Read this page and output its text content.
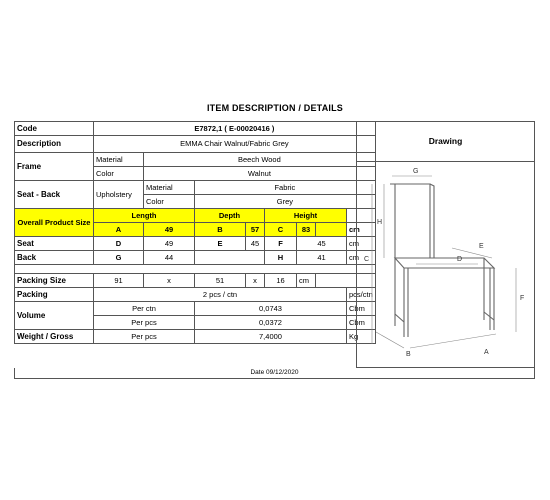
ITEM DESCRIPTION / DETAILS
Code	E7872,1 ( E-00020416 )							
Description	EMMA Chair Walnut/Fabric Grey							
Frame	Material	Beech Wood						
	Color	Walnut						
Seat - Back	Upholstery	Material	Fabric					
		Color	Grey					
Overall Product Size	Length		Depth		Height			
	A	49	B	57	C	83		cm
Seat	D	49	E	45	F	45		cm
Back	G	44			H	41		cm

Packing Size	91	x	51	x	16	cm		
Packing	2 pcs / ctn							pcs/ctn
Volume	Per ctn		0,0743					Cbm
	Per pcs		0,0372					Cbm
Weight / Gross	Per pcs		7,4000					Kg
Drawing
G
H
C
E
D
F
B	A
Date 09/12/2020
